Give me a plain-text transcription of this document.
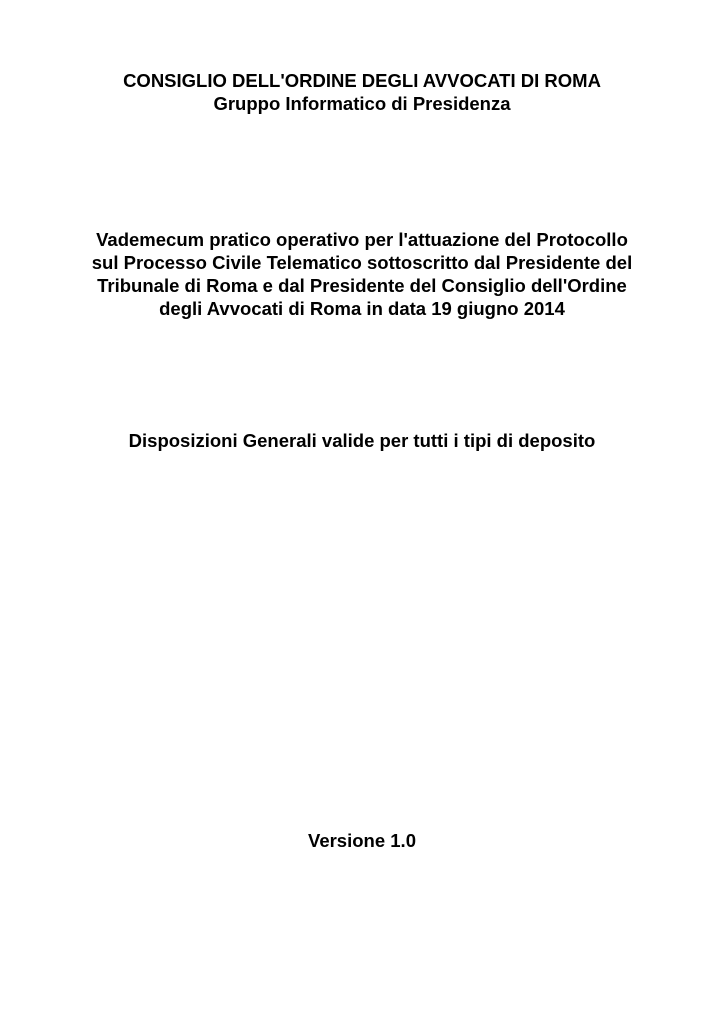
CONSIGLIO DELL'ORDINE DEGLI AVVOCATI DI ROMA
Gruppo Informatico di Presidenza
Vademecum pratico operativo per l'attuazione del Protocollo
sul Processo Civile Telematico sottoscritto dal Presidente del
Tribunale di Roma e dal Presidente del Consiglio dell'Ordine
degli Avvocati di Roma in data 19 giugno 2014
Disposizioni Generali valide per tutti i tipi di deposito
Versione 1.0
